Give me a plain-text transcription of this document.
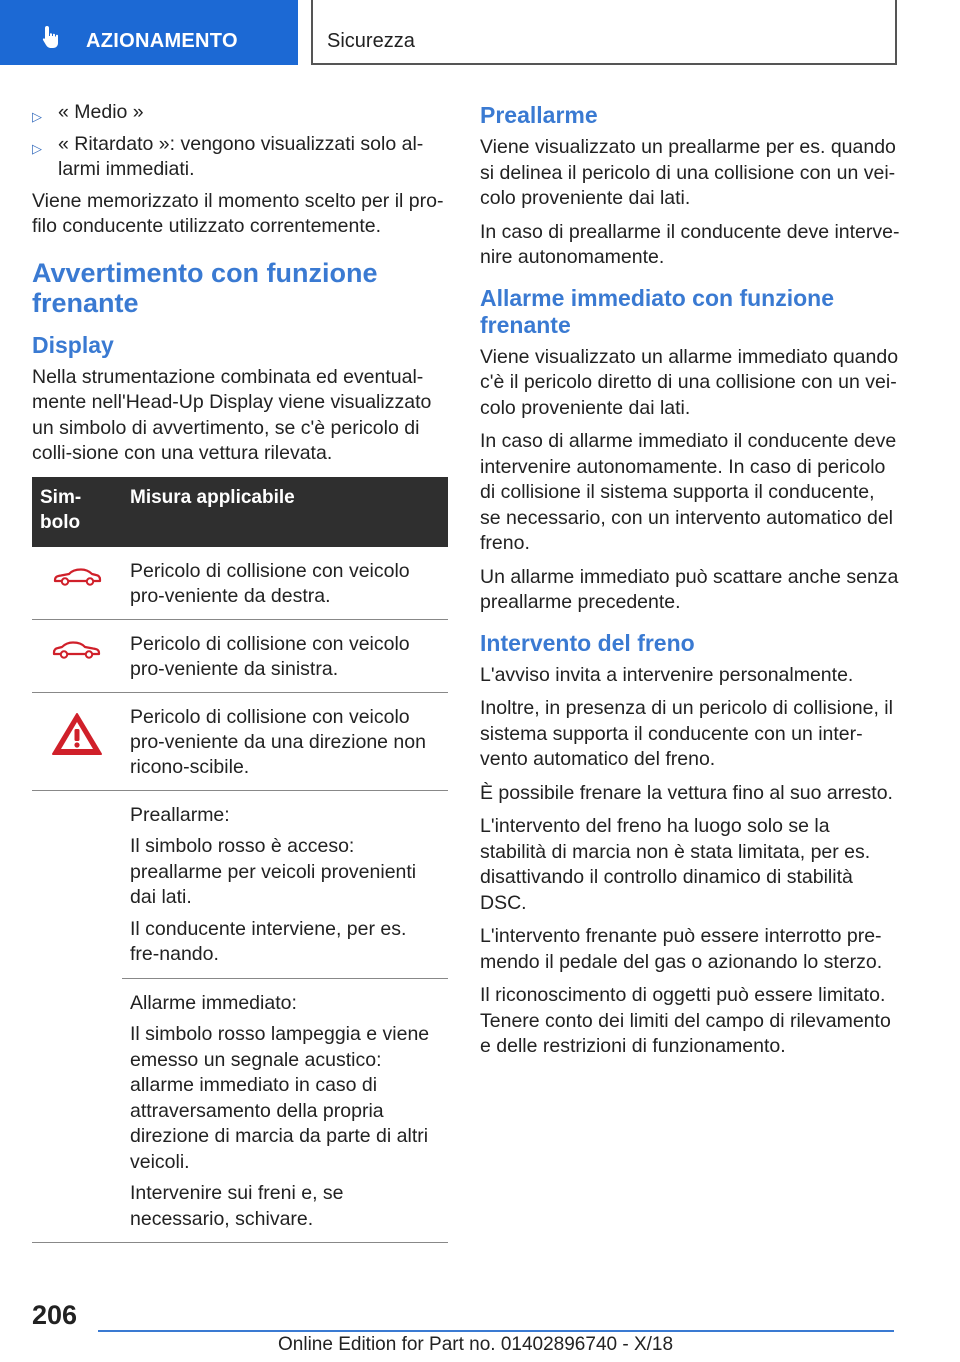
AZIONAMENTO	Sicurezza
▷ « Medio »
▷ « Ritardato »: vengono visualizzati solo al-larmi immediati.

Viene memorizzato il momento scelto per il pro-filo conducente utilizzato correntemente.

Avvertimento con funzione frenante
Display

Nella strumentazione combinata ed eventual-mente nell'Head-Up Display viene visualizzato un simbolo di avvertimento, se c'è pericolo di colli-sione con una vettura rilevata.

Sim-bolo	Misura applicabile
	Pericolo di collisione con veicolo pro-veniente da destra.
	Pericolo di collisione con veicolo pro-veniente da sinistra.
	Pericolo di collisione con veicolo pro-veniente da una direzione non ricono-scibile.

	Preallarme:

Il simbolo rosso è acceso: preallarme per veicoli provenienti dai lati.

Il conducente interviene, per es. fre-nando.

	Allarme immediato:

Il simbolo rosso lampeggia e viene emesso un segnale acustico: allarme immediato in caso di attraversamento della propria direzione di marcia da parte di altri veicoli.

Intervenire sui freni e, se necessario, schivare.

Preallarme

Viene visualizzato un preallarme per es. quando si delinea il pericolo di una collisione con un vei-colo proveniente dai lati.

In caso di preallarme il conducente deve interve-nire autonomamente.

Allarme immediato con funzione frenante

Viene visualizzato un allarme immediato quando c'è il pericolo diretto di una collisione con un vei-colo proveniente dai lati.

In caso di allarme immediato il conducente deve intervenire autonomamente. In caso di pericolo di collisione il sistema supporta il conducente, se necessario, con un intervento automatico del freno.

Un allarme immediato può scattare anche senza preallarme precedente.

Intervento del freno

L'avviso invita a intervenire personalmente.

Inoltre, in presenza di un pericolo di collisione, il sistema supporta il conducente con un inter-vento automatico del freno.

È possibile frenare la vettura fino al suo arresto.

L'intervento del freno ha luogo solo se la stabilità di marcia non è stata limitata, per es. disattivando il controllo dinamico di stabilità DSC.

L'intervento frenante può essere interrotto pre-mendo il pedale del gas o azionando lo sterzo.

Il riconoscimento di oggetti può essere limitato. Tenere conto dei limiti del campo di rilevamento e delle restrizioni di funzionamento.

206
Online Edition for Part no. 01402896740 - X/18
